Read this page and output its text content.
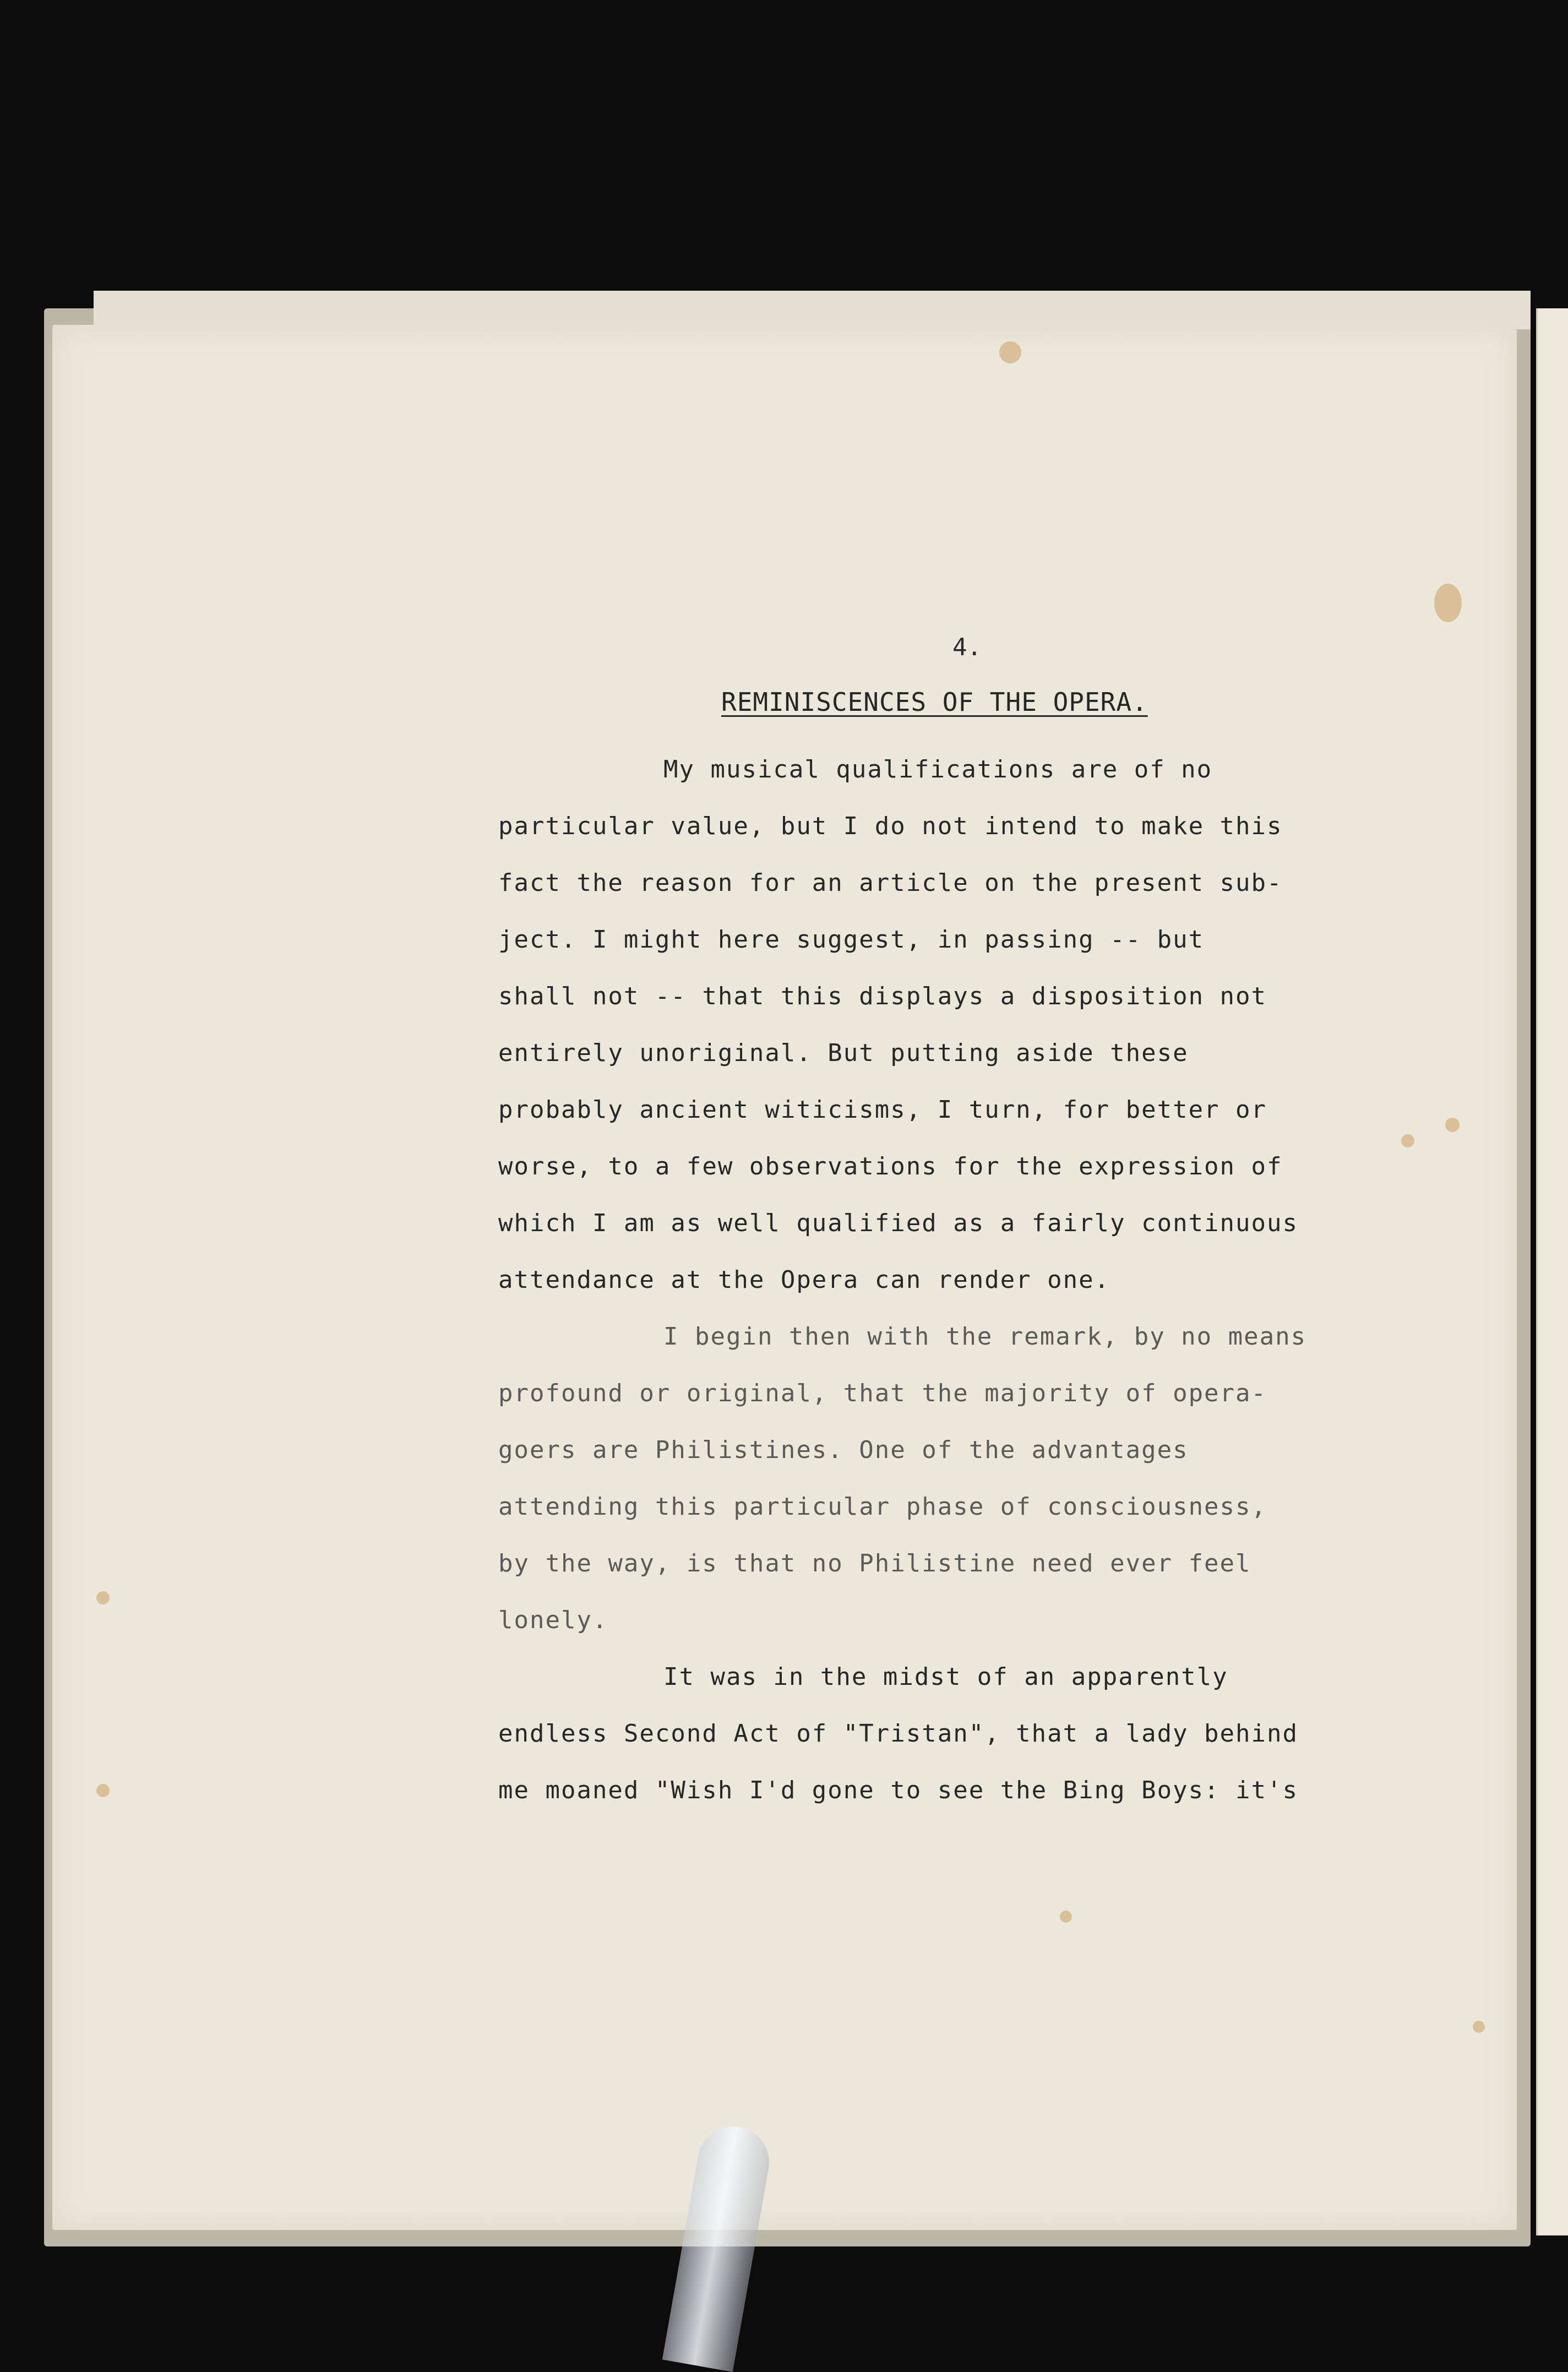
4.
REMINISCENCES OF THE OPERA.
My musical qualifications are of no
particular value, but I do not intend to make this
fact the reason for an article on the present sub-
ject. I might here suggest, in passing -- but
shall not -- that this displays a disposition not
entirely unoriginal. But putting aside these
probably ancient witicisms, I turn, for better or
worse, to a few observations for the expression of
which I am as well qualified as a fairly continuous
attendance at the Opera can render one.
I begin then with the remark, by no means
profound or original, that the majority of opera-
goers are Philistines. One of the advantages
attending this particular phase of consciousness,
by the way, is that no Philistine need ever feel
lonely.
It was in the midst of an apparently
endless Second Act of "Tristan", that a lady behind
me moaned "Wish I'd gone to see the Bing Boys: it's
